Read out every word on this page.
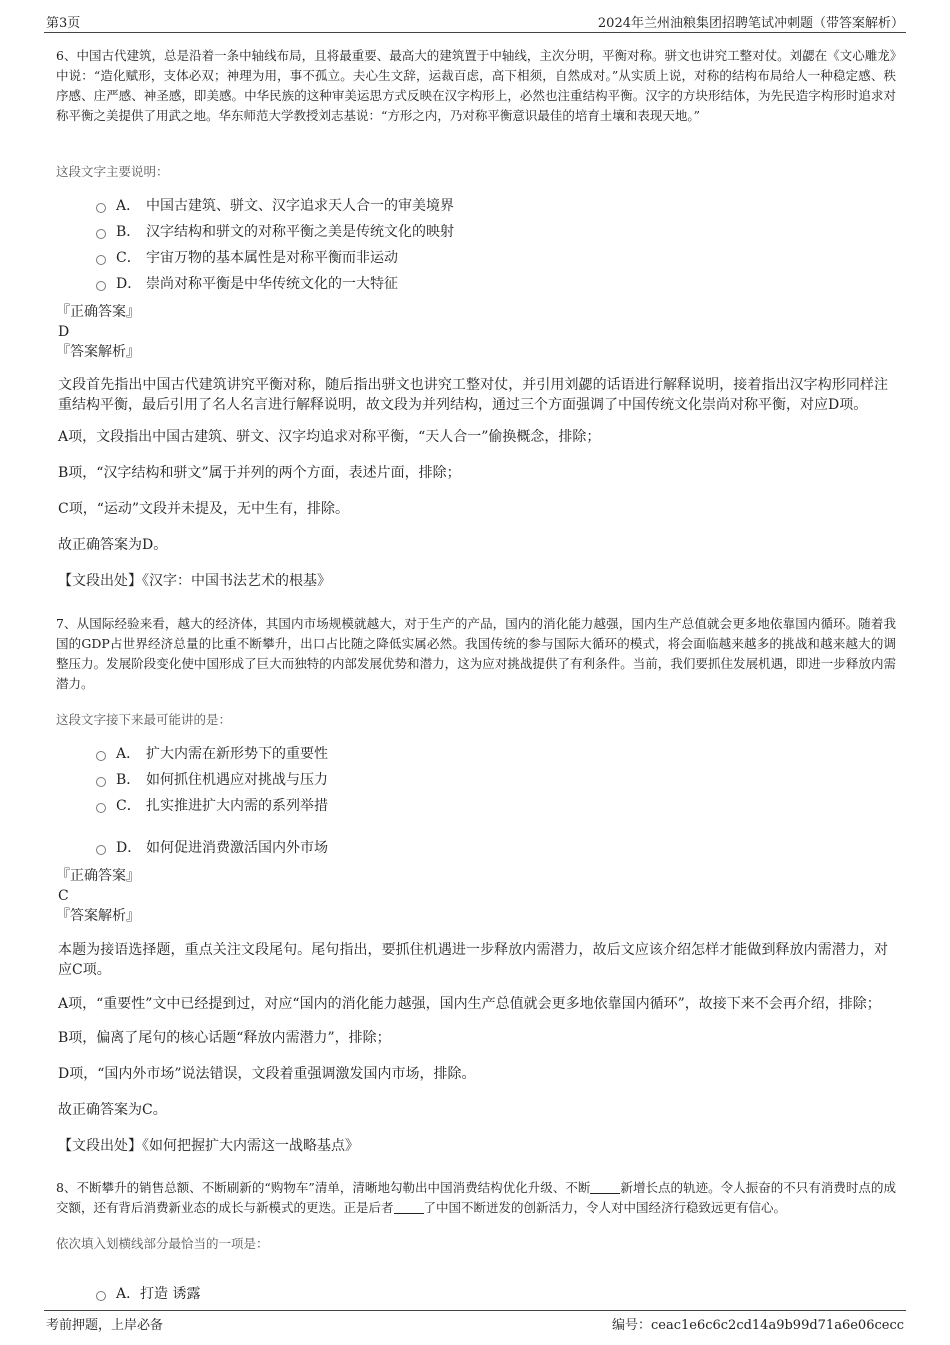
第3页	2024年兰州油粮集团招聘笔试冲刺题（带答案解析）

6、中国古代建筑，总是沿着一条中轴线布局，且将最重要、最高大的建筑置于中轴线，主次分明，平衡对称。骈文也讲究工整对仗。刘勰在《文心雕龙》中说：“造化赋形，支体必双；神理为用，事不孤立。夫心生文辞，运裁百虑，高下相须，自然成对。”从实质上说，对称的结构布局给人一种稳定感、秩序感、庄严感、神圣感，即美感。中华民族的这种审美运思方式反映在汉字构形上，必然也注重结构平衡。汉字的方块形结体，为先民造字构形时追求对称平衡之美提供了用武之地。华东师范大学教授刘志基说：“方形之内，乃对称平衡意识最佳的培育土壤和表现天地。”

这段文字主要说明：

A． 中国古建筑、骈文、汉字追求天人合一的审美境界
B． 汉字结构和骈文的对称平衡之美是传统文化的映射
C． 宇宙万物的基本属性是对称平衡而非运动
D． 崇尚对称平衡是中华传统文化的一大特征

『正确答案』

D

『答案解析』

文段首先指出中国古代建筑讲究平衡对称，随后指出骈文也讲究工整对仗，并引用刘勰的话语进行解释说明，接着指出汉字构形同样注重结构平衡，最后引用了名人名言进行解释说明，故文段为并列结构，通过三个方面强调了中国传统文化崇尚对称平衡，对应D项。

A项，文段指出中国古建筑、骈文、汉字均追求对称平衡，“天人合一”偷换概念，排除；

B项，“汉字结构和骈文”属于并列的两个方面，表述片面，排除；

C项，“运动”文段并未提及，无中生有，排除。

故正确答案为D。

【文段出处】《汉字：中国书法艺术的根基》

7、从国际经验来看，越大的经济体，其国内市场规模就越大，对于生产的产品，国内的消化能力越强，国内生产总值就会更多地依靠国内循环。随着我国的GDP占世界经济总量的比重不断攀升，出口占比随之降低实属必然。我国传统的参与国际大循环的模式，将会面临越来越多的挑战和越来越大的调整压力。发展阶段变化使中国形成了巨大而独特的内部发展优势和潜力，这为应对挑战提供了有利条件。当前，我们要抓住发展机遇，即进一步释放内需潜力。

这段文字接下来最可能讲的是：

A． 扩大内需在新形势下的重要性
B． 如何抓住机遇应对挑战与压力
C． 扎实推进扩大内需的系列举措
D． 如何促进消费激活国内外市场

『正确答案』

C

『答案解析』

本题为接语选择题，重点关注文段尾句。尾句指出，要抓住机遇进一步释放内需潜力，故后文应该介绍怎样才能做到释放内需潜力，对应C项。

A项，“重要性”文中已经提到过，对应“国内的消化能力越强，国内生产总值就会更多地依靠国内循环”，故接下来不会再介绍，排除；

B项，偏离了尾句的核心话题“释放内需潜力”，排除；

D项，“国内外市场”说法错误，文段着重强调激发国内市场，排除。

故正确答案为C。

【文段出处】《如何把握扩大内需这一战略基点》

8、不断攀升的销售总额、不断刷新的“购物车”清单，清晰地勾勒出中国消费结构优化升级、不断 新增长点的轨迹。令人振奋的不只有消费时点的成交额，还有背后消费新业态的成长与新模式的更迭。正是后者 了中国不断迸发的创新活力，令人对中国经济行稳致远更有信心。

依次填入划横线部分最恰当的一项是：

A．打造 诱露
考前押题，上岸必备	编号：ceac1e6c6c2cd14a9b99d71a6e06cecc
